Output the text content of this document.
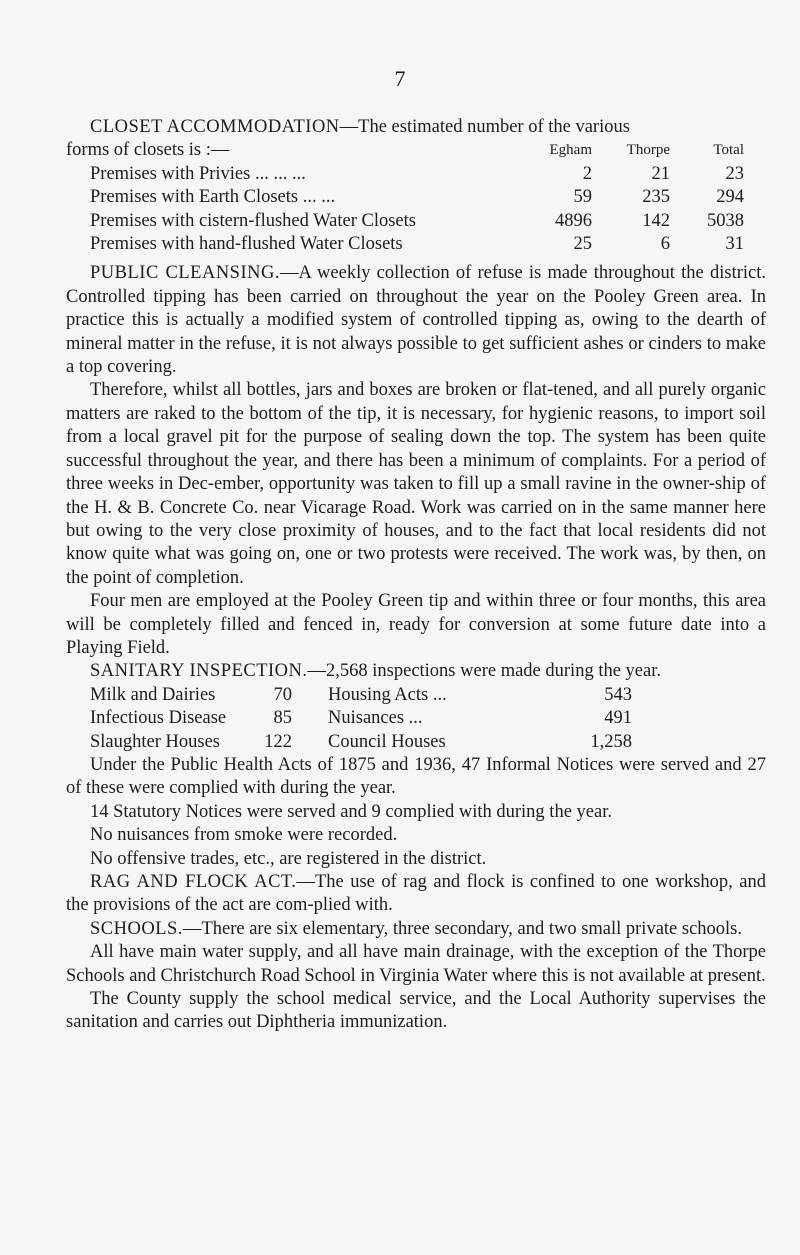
7

CLOSET ACCOMMODATION—The estimated number of the various

forms of closets is :—	Egham	Thorpe	Total
Premises with Privies ... ... ...	2	21	23
Premises with Earth Closets ... ...	59	235	294
Premises with cistern-flushed Water Closets	4896	142	5038
Premises with hand-flushed Water Closets	25	6	31

PUBLIC CLEANSING.—A weekly collection of refuse is made throughout the district. Controlled tipping has been carried on throughout the year on the Pooley Green area. In practice this is actually a modified system of controlled tipping as, owing to the dearth of mineral matter in the refuse, it is not always possible to get sufficient ashes or cinders to make a top covering.

Therefore, whilst all bottles, jars and boxes are broken or flat-tened, and all purely organic matters are raked to the bottom of the tip, it is necessary, for hygienic reasons, to import soil from a local gravel pit for the purpose of sealing down the top. The system has been quite successful throughout the year, and there has been a minimum of complaints. For a period of three weeks in Dec-ember, opportunity was taken to fill up a small ravine in the owner-ship of the H. & B. Concrete Co. near Vicarage Road. Work was carried on in the same manner here but owing to the very close proximity of houses, and to the fact that local residents did not know quite what was going on, one or two protests were received. The work was, by then, on the point of completion.

Four men are employed at the Pooley Green tip and within three or four months, this area will be completely filled and fenced in, ready for conversion at some future date into a Playing Field.

SANITARY INSPECTION.—2,568 inspections were made during the year.

Milk and Dairies	70	Housing Acts ...	543
Infectious Disease	85	Nuisances ...	491
Slaughter Houses	122	Council Houses	1,258

Under the Public Health Acts of 1875 and 1936, 47 Informal Notices were served and 27 of these were complied with during the year.

14 Statutory Notices were served and 9 complied with during the year.

No nuisances from smoke were recorded.

No offensive trades, etc., are registered in the district.

RAG AND FLOCK ACT.—The use of rag and flock is confined to one workshop, and the provisions of the act are com-plied with.

SCHOOLS.—There are six elementary, three secondary, and two small private schools.

All have main water supply, and all have main drainage, with the exception of the Thorpe Schools and Christchurch Road School in Virginia Water where this is not available at present.

The County supply the school medical service, and the Local Authority supervises the sanitation and carries out Diphtheria immunization.
